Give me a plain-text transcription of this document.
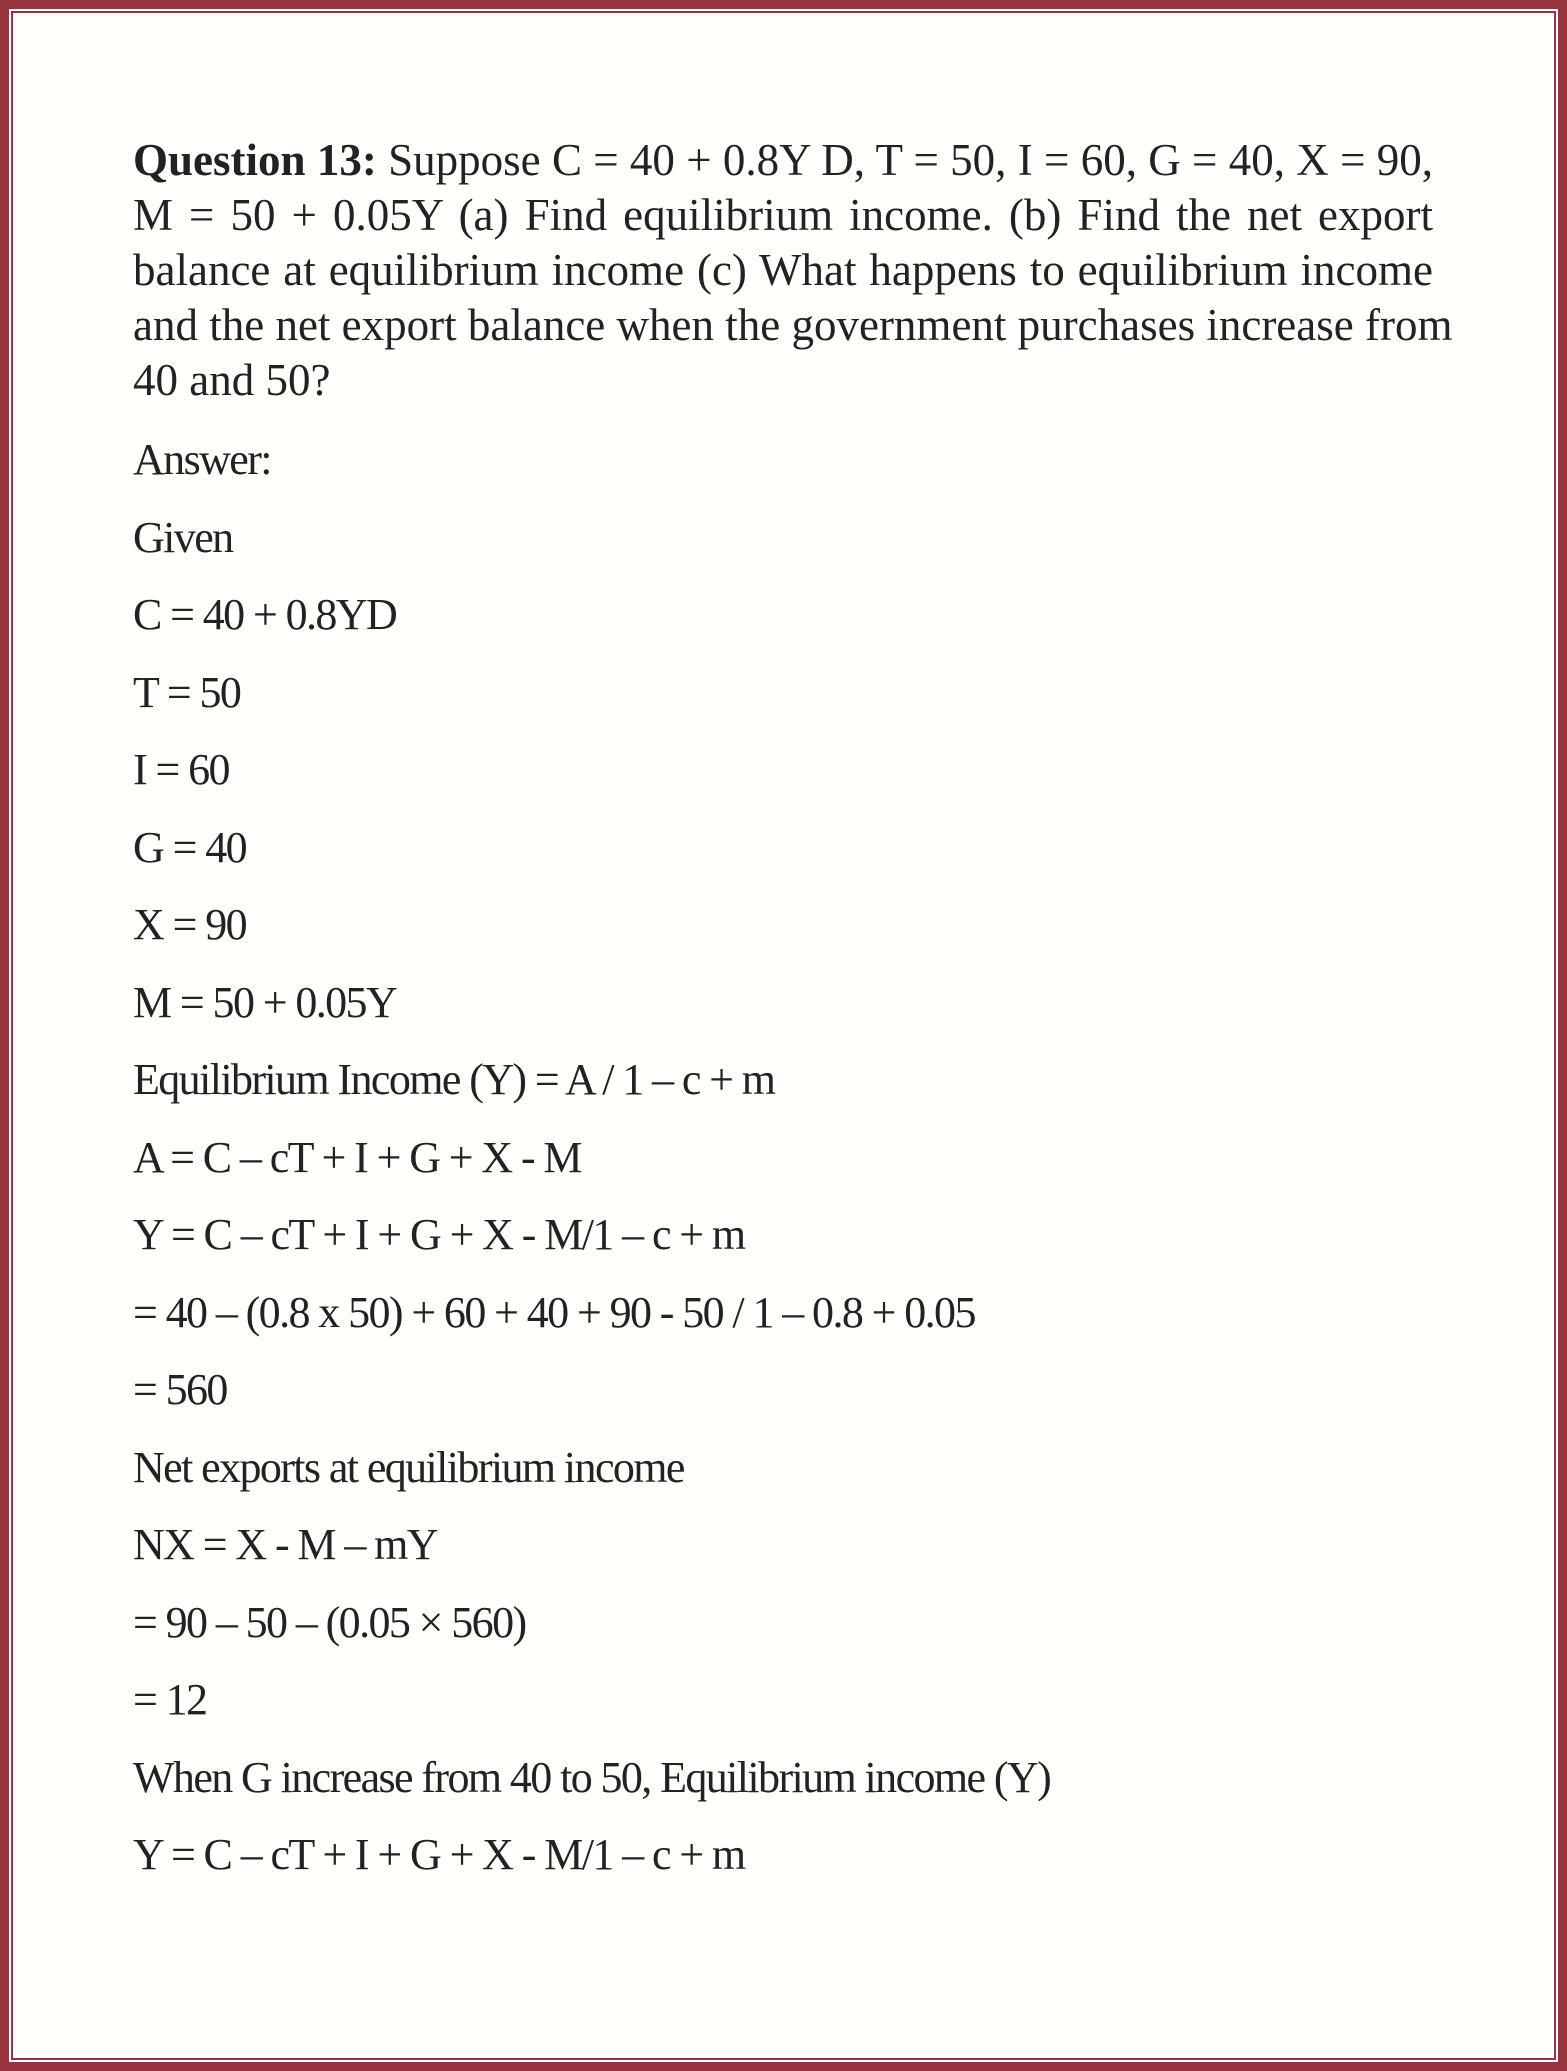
Question 13: Suppose C = 40 + 0.8Y D, T = 50, I = 60, G = 40, X = 90,
M = 50 + 0.05Y (a) Find equilibrium income. (b) Find the net export
balance at equilibrium income (c) What happens to equilibrium income
and the net export balance when the government purchases increase from
40 and 50?
Answer:
Given
C = 40 + 0.8YD
T = 50
I = 60
G = 40
X = 90
M = 50 + 0.05Y
Equilibrium Income (Y) = A / 1 – c + m
A = C – cT + I + G + X - M
Y = C – cT + I + G + X - M/1 – c + m
= 40 – (0.8 x 50) + 60 + 40 + 90 - 50 / 1 – 0.8 + 0.05
= 560
Net exports at equilibrium income
NX = X - M – mY
= 90 – 50 – (0.05 × 560)
= 12
When G increase from 40 to 50, Equilibrium income (Y)
Y = C – cT + I + G + X - M/1 – c + m
